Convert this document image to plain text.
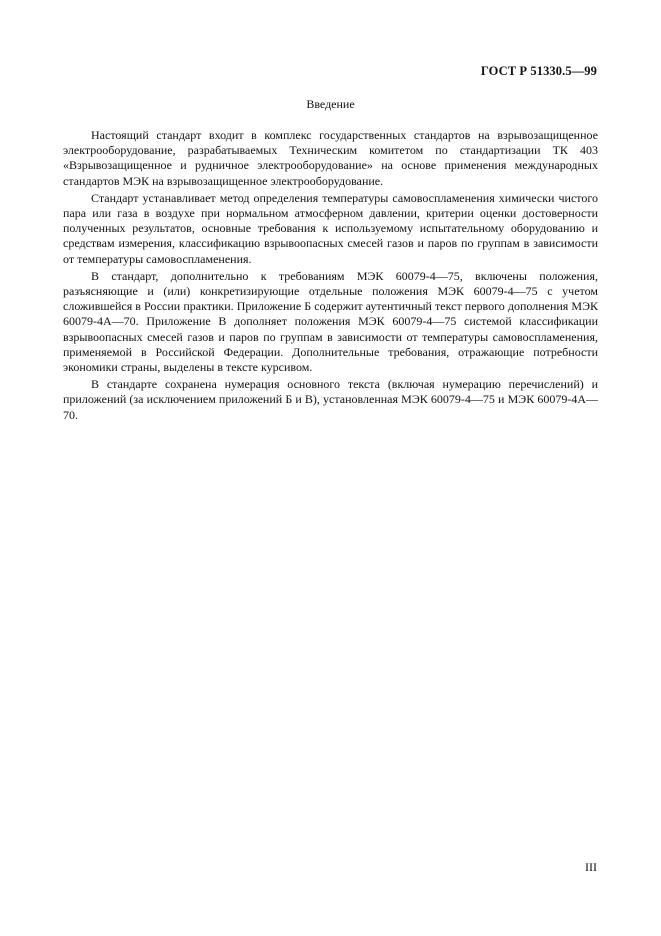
ГОСТ Р 51330.5—99
Введение

Настоящий стандарт входит в комплекс государственных стандартов на взрывозащищенное электрооборудование, разрабатываемых Техническим комитетом по стандартизации ТК 403 «Взрывозащищенное и рудничное электрооборудование» на основе применения международных стандартов МЭК на взрывозащищенное электрооборудование.

Стандарт устанавливает метод определения температуры самовоспламенения химически чистого пара или газа в воздухе при нормальном атмосферном давлении, критерии оценки достоверности полученных результатов, основные требования к используемому испытательному оборудованию и средствам измерения, классификацию взрывоопасных смесей газов и паров по группам в зависимости от температуры самовоспламенения.

В стандарт, дополнительно к требованиям МЭК 60079-4—75, включены положения, разъясняющие и (или) конкретизирующие отдельные положения МЭК 60079-4—75 с учетом сложившейся в России практики. Приложение Б содержит аутентичный текст первого дополнения МЭК 60079-4А—70. Приложение В дополняет положения МЭК 60079-4—75 системой классификации взрывоопасных смесей газов и паров по группам в зависимости от температуры самовоспламенения, применяемой в Российской Федерации. Дополнительные требования, отражающие потребности экономики страны, выделены в тексте курсивом.

В стандарте сохранена нумерация основного текста (включая нумерацию перечислений) и приложений (за исключением приложений Б и В), установленная МЭК 60079-4—75 и МЭК 60079-4А—70.

III
